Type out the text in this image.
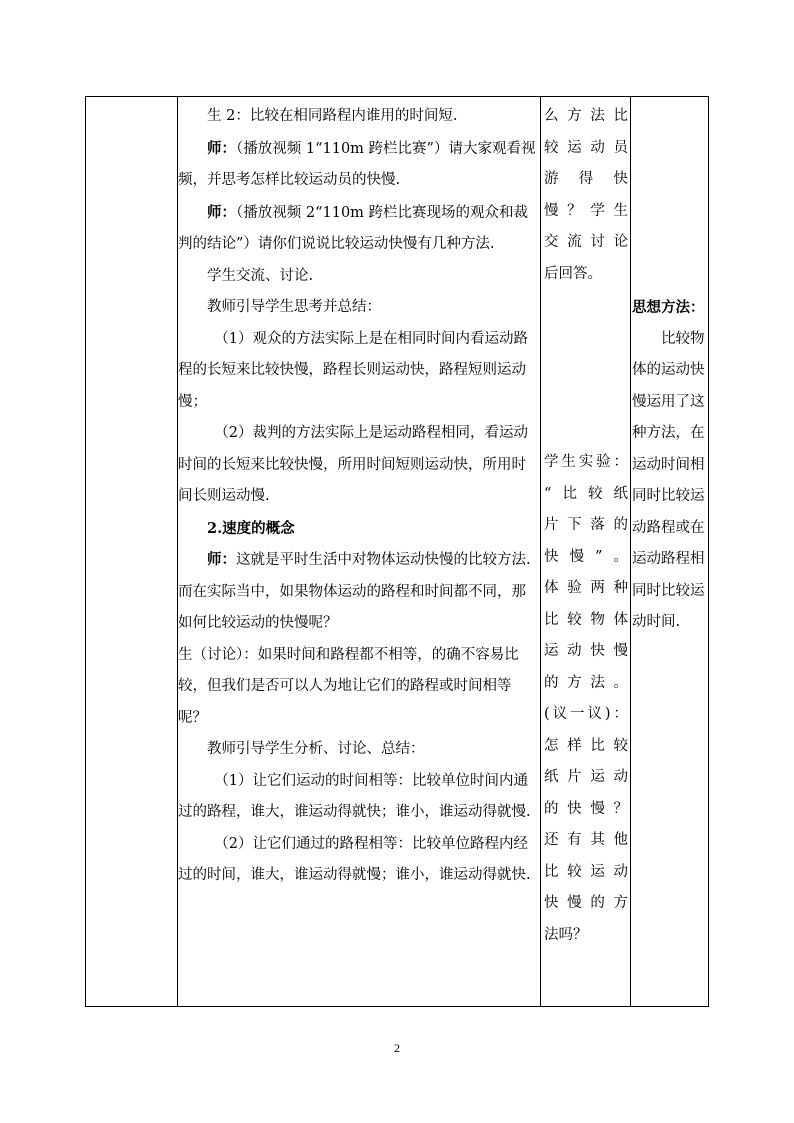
生 2：比较在相同路程内谁用的时间短.

师：（播放视频 1“110m 跨栏比赛”）请大家观看视频，并思考怎样比较运动员的快慢.

师：（播放视频 2“110m 跨栏比赛现场的观众和裁判的结论”）请你们说说比较运动快慢有几种方法.

学生交流、讨论.

教师引导学生思考并总结：

（1）观众的方法实际上是在相同时间内看运动路程的长短来比较快慢，路程长则运动快，路程短则运动慢；

（2）裁判的方法实际上是运动路程相同，看运动时间的长短来比较快慢，所用时间短则运动快，所用时间长则运动慢.

2.速度的概念

师：这就是平时生活中对物体运动快慢的比较方法.而在实际当中，如果物体运动的路程和时间都不同，那如何比较运动的快慢呢？

生（讨论）：如果时间和路程都不相等，的确不容易比较，但我们是否可以人为地让它们的路程或时间相等呢？

教师引导学生分析、讨论、总结：

（1）让它们运动的时间相等：比较单位时间内通过的路程，谁大，谁运动得就快；谁小，谁运动得就慢.

（2）让它们通过的路程相等：比较单位路程内经过的时间，谁大，谁运动得就慢；谁小，谁运动得就快.

么方法比

较运动员

游 得 快

慢？学生

交流讨论

后回答。

学生实验：

“比较纸

片下落的

快慢”。

体验两种

比较物体

运动快慢

的方法。

(议一议)：

怎样比较

纸片运动

的快慢？

还有其他

比较运动

快慢的方

法吗？

思想方法：

比较物体的运动快慢运用了这种方法，在运动时间相同时比较运动路程或在运动路程相同时比较运动时间.

2
